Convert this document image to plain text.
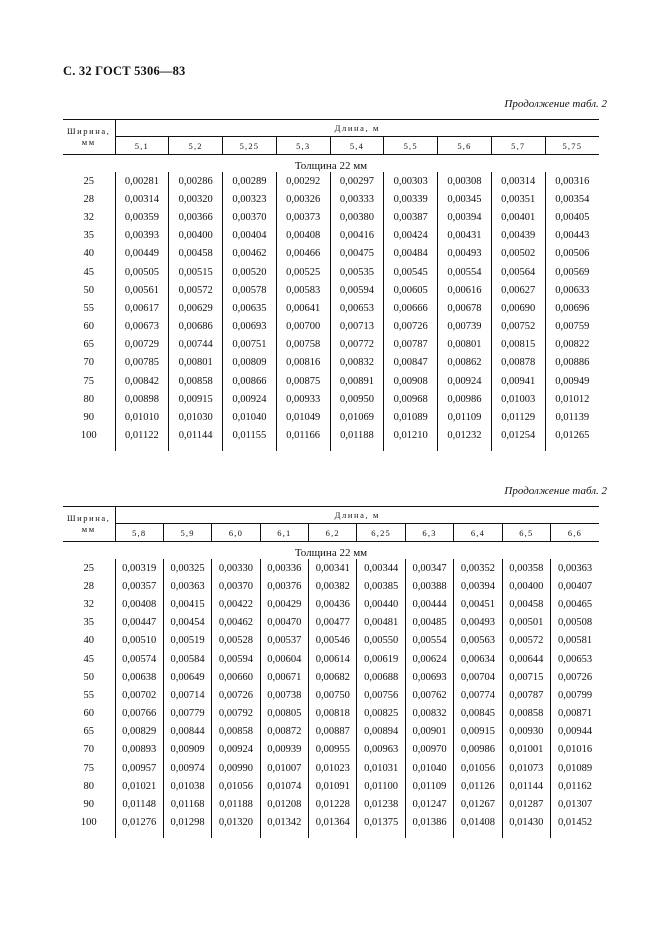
С. 32 ГОСТ 5306—83
Продолжение табл. 2
Ширина,
мм	Длина, м								
	5,1	5,2	5,25	5,3	5,4	5,5	5,6	5,7	5,75
Толщина 22 мм									
25	0,00281	0,00286	0,00289	0,00292	0,00297	0,00303	0,00308	0,00314	0,00316
28	0,00314	0,00320	0,00323	0,00326	0,00333	0,00339	0,00345	0,00351	0,00354
32	0,00359	0,00366	0,00370	0,00373	0,00380	0,00387	0,00394	0,00401	0,00405
35	0,00393	0,00400	0,00404	0,00408	0,00416	0,00424	0,00431	0,00439	0,00443
40	0,00449	0,00458	0,00462	0,00466	0,00475	0,00484	0,00493	0,00502	0,00506
45	0,00505	0,00515	0,00520	0,00525	0,00535	0,00545	0,00554	0,00564	0,00569
50	0,00561	0,00572	0,00578	0,00583	0,00594	0,00605	0,00616	0,00627	0,00633
55	0,00617	0,00629	0,00635	0,00641	0,00653	0,00666	0,00678	0,00690	0,00696
60	0,00673	0,00686	0,00693	0,00700	0,00713	0,00726	0,00739	0,00752	0,00759
65	0,00729	0,00744	0,00751	0,00758	0,00772	0,00787	0,00801	0,00815	0,00822
70	0,00785	0,00801	0,00809	0,00816	0,00832	0,00847	0,00862	0,00878	0,00886
75	0,00842	0,00858	0,00866	0,00875	0,00891	0,00908	0,00924	0,00941	0,00949
80	0,00898	0,00915	0,00924	0,00933	0,00950	0,00968	0,00986	0,01003	0,01012
90	0,01010	0,01030	0,01040	0,01049	0,01069	0,01089	0,01109	0,01129	0,01139
100	0,01122	0,01144	0,01155	0,01166	0,01188	0,01210	0,01232	0,01254	0,01265

Продолжение табл. 2
Ширина,
мм	Длина, м									
	5,8	5,9	6,0	6,1	6,2	6,25	6,3	6,4	6,5	6,6
Толщина 22 мм										
25	0,00319	0,00325	0,00330	0,00336	0,00341	0,00344	0,00347	0,00352	0,00358	0,00363
28	0,00357	0,00363	0,00370	0,00376	0,00382	0,00385	0,00388	0,00394	0,00400	0,00407
32	0,00408	0,00415	0,00422	0,00429	0,00436	0,00440	0,00444	0,00451	0,00458	0,00465
35	0,00447	0,00454	0,00462	0,00470	0,00477	0,00481	0,00485	0,00493	0,00501	0,00508
40	0,00510	0,00519	0,00528	0,00537	0,00546	0,00550	0,00554	0,00563	0,00572	0,00581
45	0,00574	0,00584	0,00594	0,00604	0,00614	0,00619	0,00624	0,00634	0,00644	0,00653
50	0,00638	0,00649	0,00660	0,00671	0,00682	0,00688	0,00693	0,00704	0,00715	0,00726
55	0,00702	0,00714	0,00726	0,00738	0,00750	0,00756	0,00762	0,00774	0,00787	0,00799
60	0,00766	0,00779	0,00792	0,00805	0,00818	0,00825	0,00832	0,00845	0,00858	0,00871
65	0,00829	0,00844	0,00858	0,00872	0,00887	0,00894	0,00901	0,00915	0,00930	0,00944
70	0,00893	0,00909	0,00924	0,00939	0,00955	0,00963	0,00970	0,00986	0,01001	0,01016
75	0,00957	0,00974	0,00990	0,01007	0,01023	0,01031	0,01040	0,01056	0,01073	0,01089
80	0,01021	0,01038	0,01056	0,01074	0,01091	0,01100	0,01109	0,01126	0,01144	0,01162
90	0,01148	0,01168	0,01188	0,01208	0,01228	0,01238	0,01247	0,01267	0,01287	0,01307
100	0,01276	0,01298	0,01320	0,01342	0,01364	0,01375	0,01386	0,01408	0,01430	0,01452
